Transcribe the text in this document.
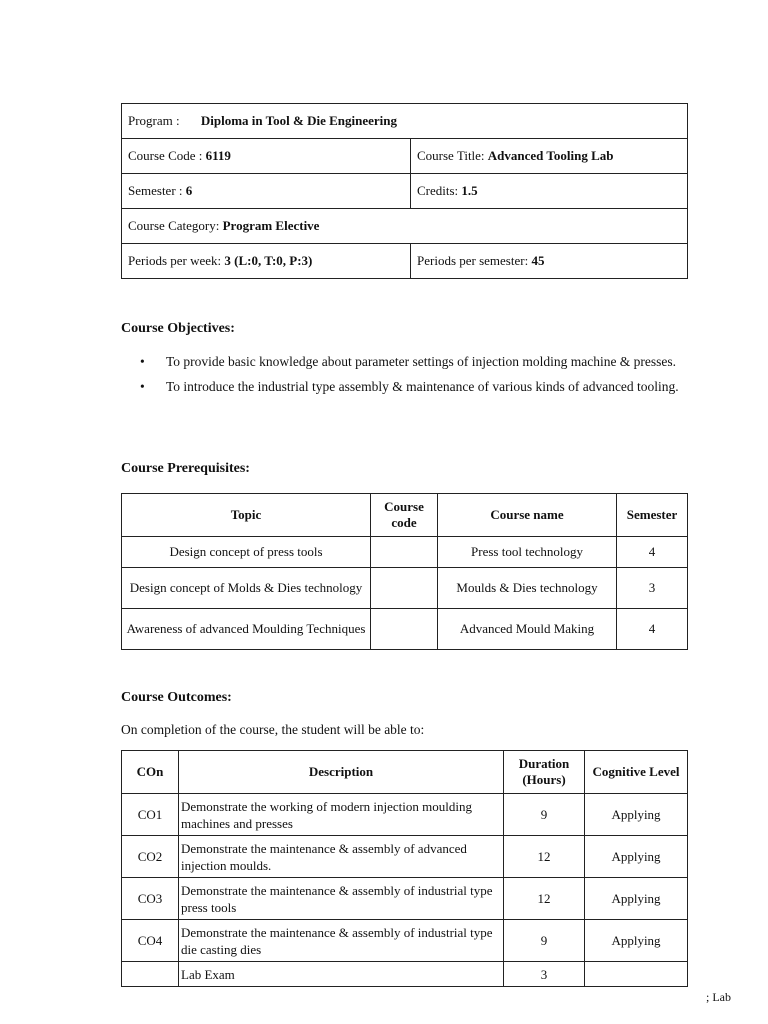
Program : Diploma in Tool & Die Engineering	
Course Code : 6119	Course Title: Advanced Tooling Lab
Semester : 6	Credits: 1.5
Course Category: Program Elective	
Periods per week: 3 (L:0, T:0, P:3)	Periods per semester: 45
Course Objectives:
• To provide basic knowledge about parameter settings of injection molding machine & presses.
• To introduce the industrial type assembly & maintenance of various kinds of advanced tooling.
Course Prerequisites:
Topic	Course code	Course name	Semester
Design concept of press tools		Press tool technology	4
Design concept of Molds & Dies technology		Moulds & Dies technology	3
Awareness of advanced Moulding Techniques		Advanced Mould Making	4
Course Outcomes:
On completion of the course, the student will be able to:
COn	Description	Duration (Hours)	Cognitive Level
CO1	Demonstrate the working of modern injection moulding machines and presses	9	Applying
CO2	Demonstrate the maintenance & assembly of advanced injection moulds.	12	Applying
CO3	Demonstrate the maintenance & assembly of industrial type press tools	12	Applying
CO4	Demonstrate the maintenance & assembly of industrial type die casting dies	9	Applying
	Lab Exam	3	
; Lab
